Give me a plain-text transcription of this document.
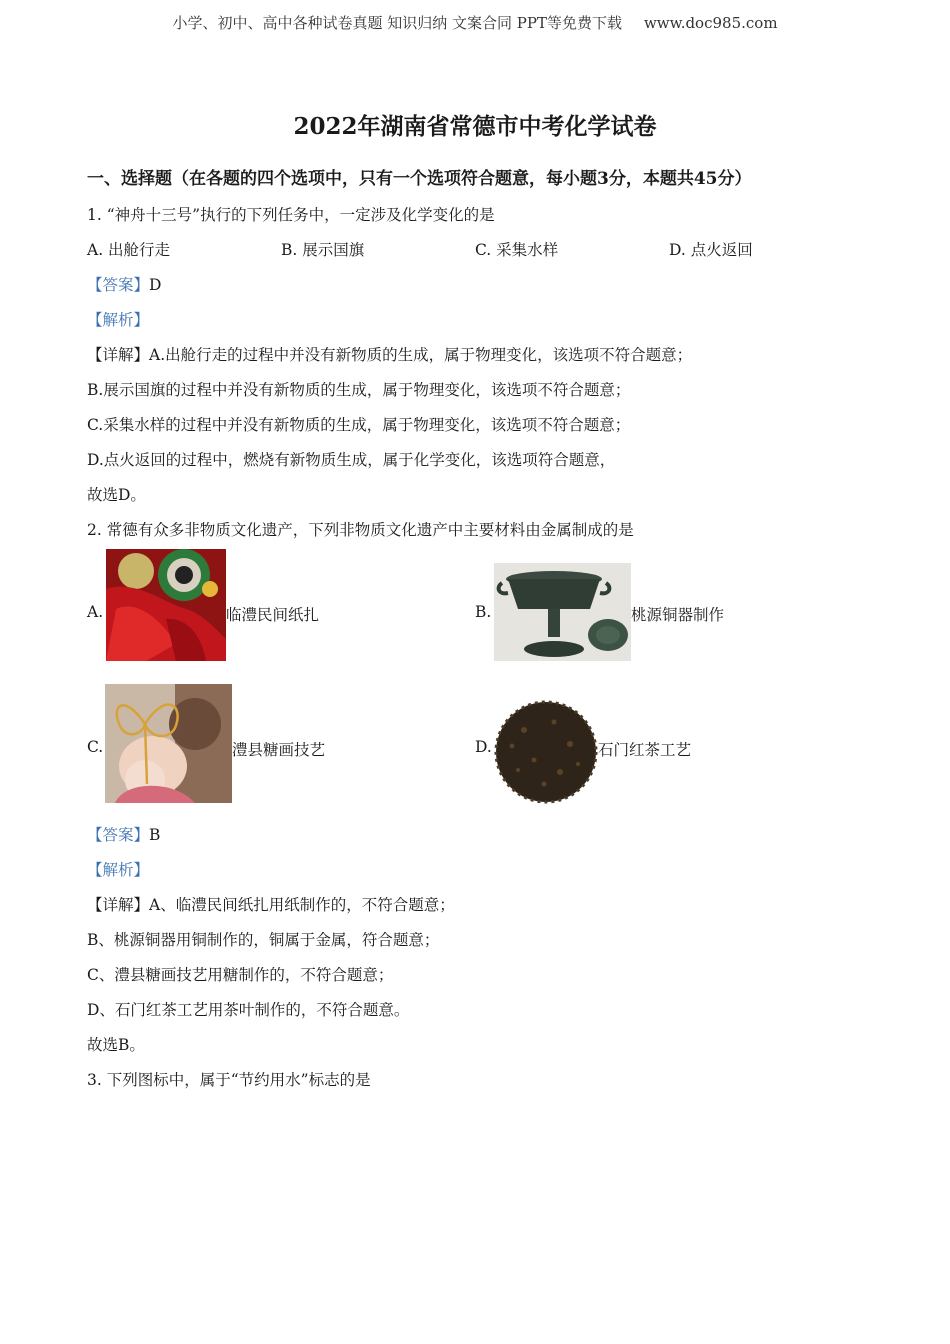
小学、初中、高中各种试卷真题 知识归纳 文案合同 PPT等免费下载 www.doc985.com
2022年湖南省常德市中考化学试卷
一、选择题（在各题的四个选项中，只有一个选项符合题意，每小题3分，本题共45分）
1. “神舟十三号”执行的下列任务中，一定涉及化学变化的是
A. 出舱行走	B. 展示国旗	C. 采集水样	D. 点火返回
【答案】D
【解析】
【详解】A.出舱行走的过程中并没有新物质的生成，属于物理变化，该选项不符合题意；
B.展示国旗的过程中并没有新物质的生成，属于物理变化，该选项不符合题意；
C.采集水样的过程中并没有新物质的生成，属于物理变化，该选项不符合题意；
D.点火返回的过程中，燃烧有新物质生成，属于化学变化，该选项符合题意，
故选D。
2. 常德有众多非物质文化遗产，下列非物质文化遗产中主要材料由金属制成的是
A.	临澧民间纸扎	B.	桃源铜器制作
C.	澧县糖画技艺	D.	石门红茶工艺
【答案】B
【解析】
【详解】A、临澧民间纸扎用纸制作的，不符合题意；
B、桃源铜器用铜制作的，铜属于金属，符合题意；
C、澧县糖画技艺用糖制作的，不符合题意；
D、石门红茶工艺用茶叶制作的，不符合题意。
故选B。
3. 下列图标中，属于“节约用水”标志的是
